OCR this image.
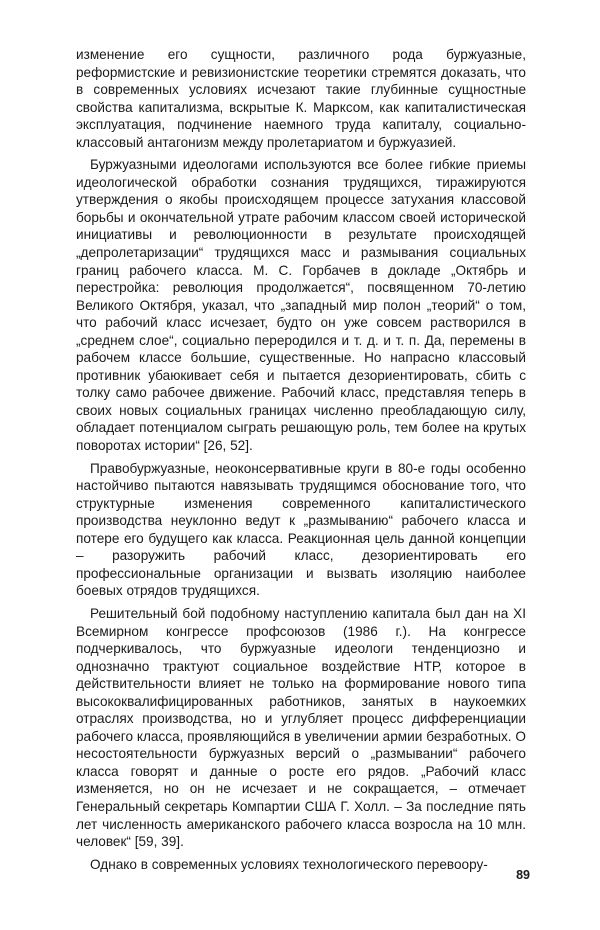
изменение его сущности, различного рода буржуазные, реформистские и ревизионистские теоретики стремятся доказать, что в современных условиях исчезают такие глубинные сущностные свойства капитализма, вскрытые К. Марксом, как капиталистическая эксплуатация, подчинение наемного труда капиталу, социально-классовый антагонизм между пролетариатом и буржуазией.

Буржуазными идеологами используются все более гибкие приемы идеологической обработки сознания трудящихся, тиражируются утверждения о якобы происходящем процессе затухания классовой борьбы и окончательной утрате рабочим классом своей исторической инициативы и революционности в результате происходящей „депролетаризации“ трудящихся масс и размывания социальных границ рабочего класса. М. С. Горбачев в докладе „Октябрь и перестройка: революция продолжается“, посвященном 70-летию Великого Октября, указал, что „западный мир полон „теорий“ о том, что рабочий класс исчезает, будто он уже совсем растворился в „среднем слое“, социально переродился и т. д. и т. п. Да, перемены в рабочем классе большие, существенные. Но напрасно классовый противник убаюкивает себя и пытается дезориентировать, сбить с толку само рабочее движение. Рабочий класс, представляя теперь в своих новых социальных границах численно преобладающую силу, обладает потенциалом сыграть решающую роль, тем более на крутых поворотах истории“ [26, 52].

Правобуржуазные, неоконсервативные круги в 80-е годы особенно настойчиво пытаются навязывать трудящимся обоснование того, что структурные изменения современного капиталистического производства неуклонно ведут к „размыванию“ рабочего класса и потере его будущего как класса. Реакционная цель данной концепции – разоружить рабочий класс, дезориентировать его профессиональные организации и вызвать изоляцию наиболее боевых отрядов трудящихся.

Решительный бой подобному наступлению капитала был дан на XI Всемирном конгрессе профсоюзов (1986 г.). На конгрессе подчеркивалось, что буржуазные идеологи тенденциозно и однозначно трактуют социальное воздействие НТР, которое в действительности влияет не только на формирование нового типа высококвалифицированных работников, занятых в наукоемких отраслях производства, но и углубляет процесс дифференциации рабочего класса, проявляющийся в увеличении армии безработных. О несостоятельности буржуазных версий о „размывании“ рабочего класса говорят и данные о росте его рядов. „Рабочий класс изменяется, но он не исчезает и не сокращается, – отмечает Генеральный секретарь Компартии США Г. Холл. – За последние пять лет численность американского рабочего класса возросла на 10 млн. человек“ [59, 39].

Однако в современных условиях технологического перевоору-

89
